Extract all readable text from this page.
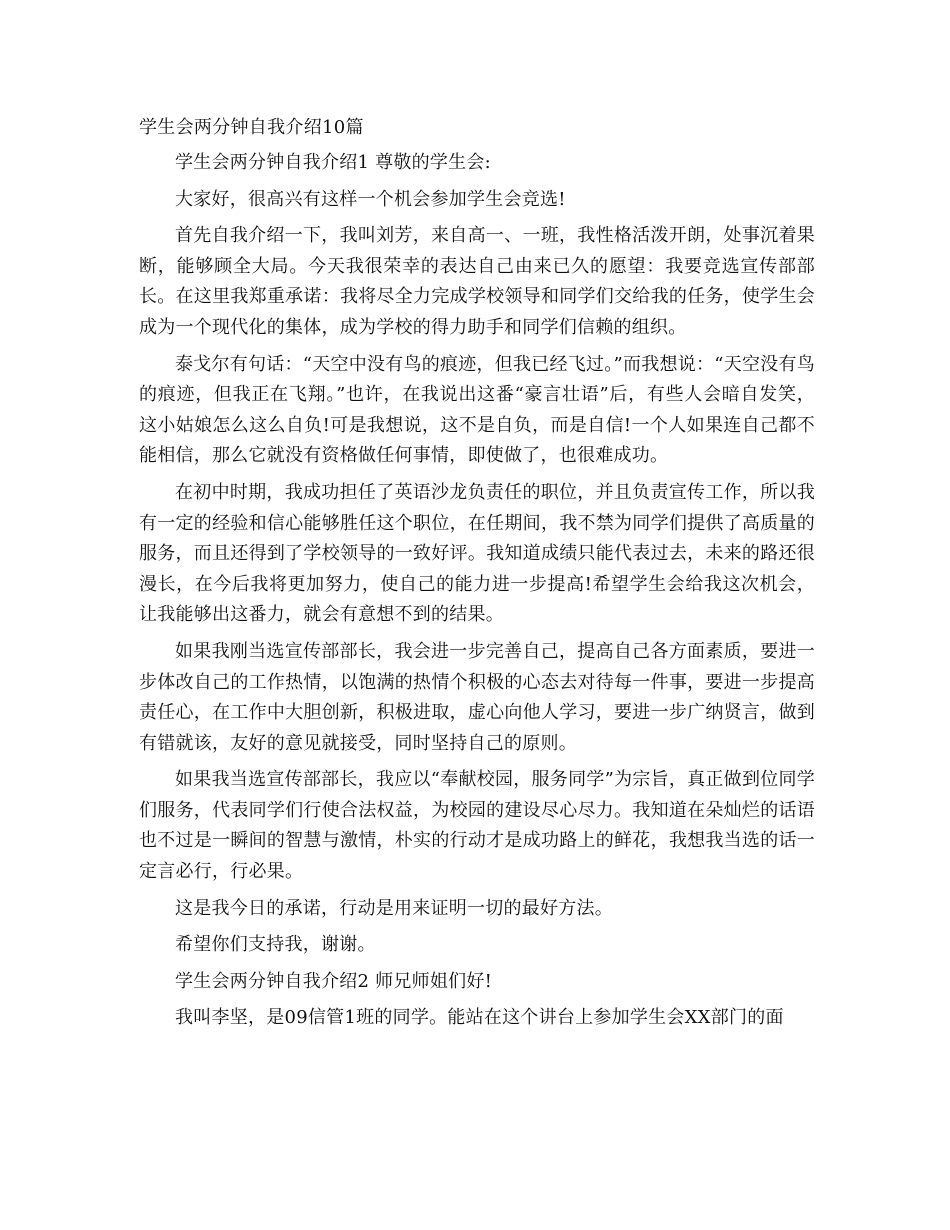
学生会两分钟自我介绍10篇

学生会两分钟自我介绍1 尊敬的学生会:

大家好，很高兴有这样一个机会参加学生会竞选!

首先自我介绍一下，我叫刘芳，来自高一、一班，我性格活泼开朗，处事沉着果断，能够顾全大局。今天我很荣幸的表达自己由来已久的愿望：我要竞选宣传部部长。在这里我郑重承诺：我将尽全力完成学校领导和同学们交给我的任务，使学生会成为一个现代化的集体，成为学校的得力助手和同学们信赖的组织。

泰戈尔有句话：“天空中没有鸟的痕迹，但我已经飞过。”而我想说：“天空没有鸟的痕迹，但我正在飞翔。”也许，在我说出这番“豪言壮语”后，有些人会暗自发笑，这小姑娘怎么这么自负!可是我想说，这不是自负，而是自信!一个人如果连自己都不能相信，那么它就没有资格做任何事情，即使做了，也很难成功。

在初中时期，我成功担任了英语沙龙负责任的职位，并且负责宣传工作，所以我有一定的经验和信心能够胜任这个职位，在任期间，我不禁为同学们提供了高质量的服务，而且还得到了学校领导的一致好评。我知道成绩只能代表过去，未来的路还很漫长，在今后我将更加努力，使自己的能力进一步提高!希望学生会给我这次机会，让我能够出这番力，就会有意想不到的结果。

如果我刚当选宣传部部长，我会进一步完善自己，提高自己各方面素质，要进一步体改自己的工作热情，以饱满的热情个积极的心态去对待每一件事，要进一步提高责任心，在工作中大胆创新，积极进取，虚心向他人学习，要进一步广纳贤言，做到有错就该，友好的意见就接受，同时坚持自己的原则。

如果我当选宣传部部长，我应以“奉献校园，服务同学”为宗旨，真正做到位同学们服务，代表同学们行使合法权益，为校园的建设尽心尽力。我知道在朵灿烂的话语也不过是一瞬间的智慧与激情，朴实的行动才是成功路上的鲜花，我想我当选的话一定言必行，行必果。

这是我今日的承诺，行动是用来证明一切的最好方法。

希望你们支持我，谢谢。

学生会两分钟自我介绍2 师兄师姐们好!

我叫李坚，是09信管1班的同学。能站在这个讲台上参加学生会XX部门的面
